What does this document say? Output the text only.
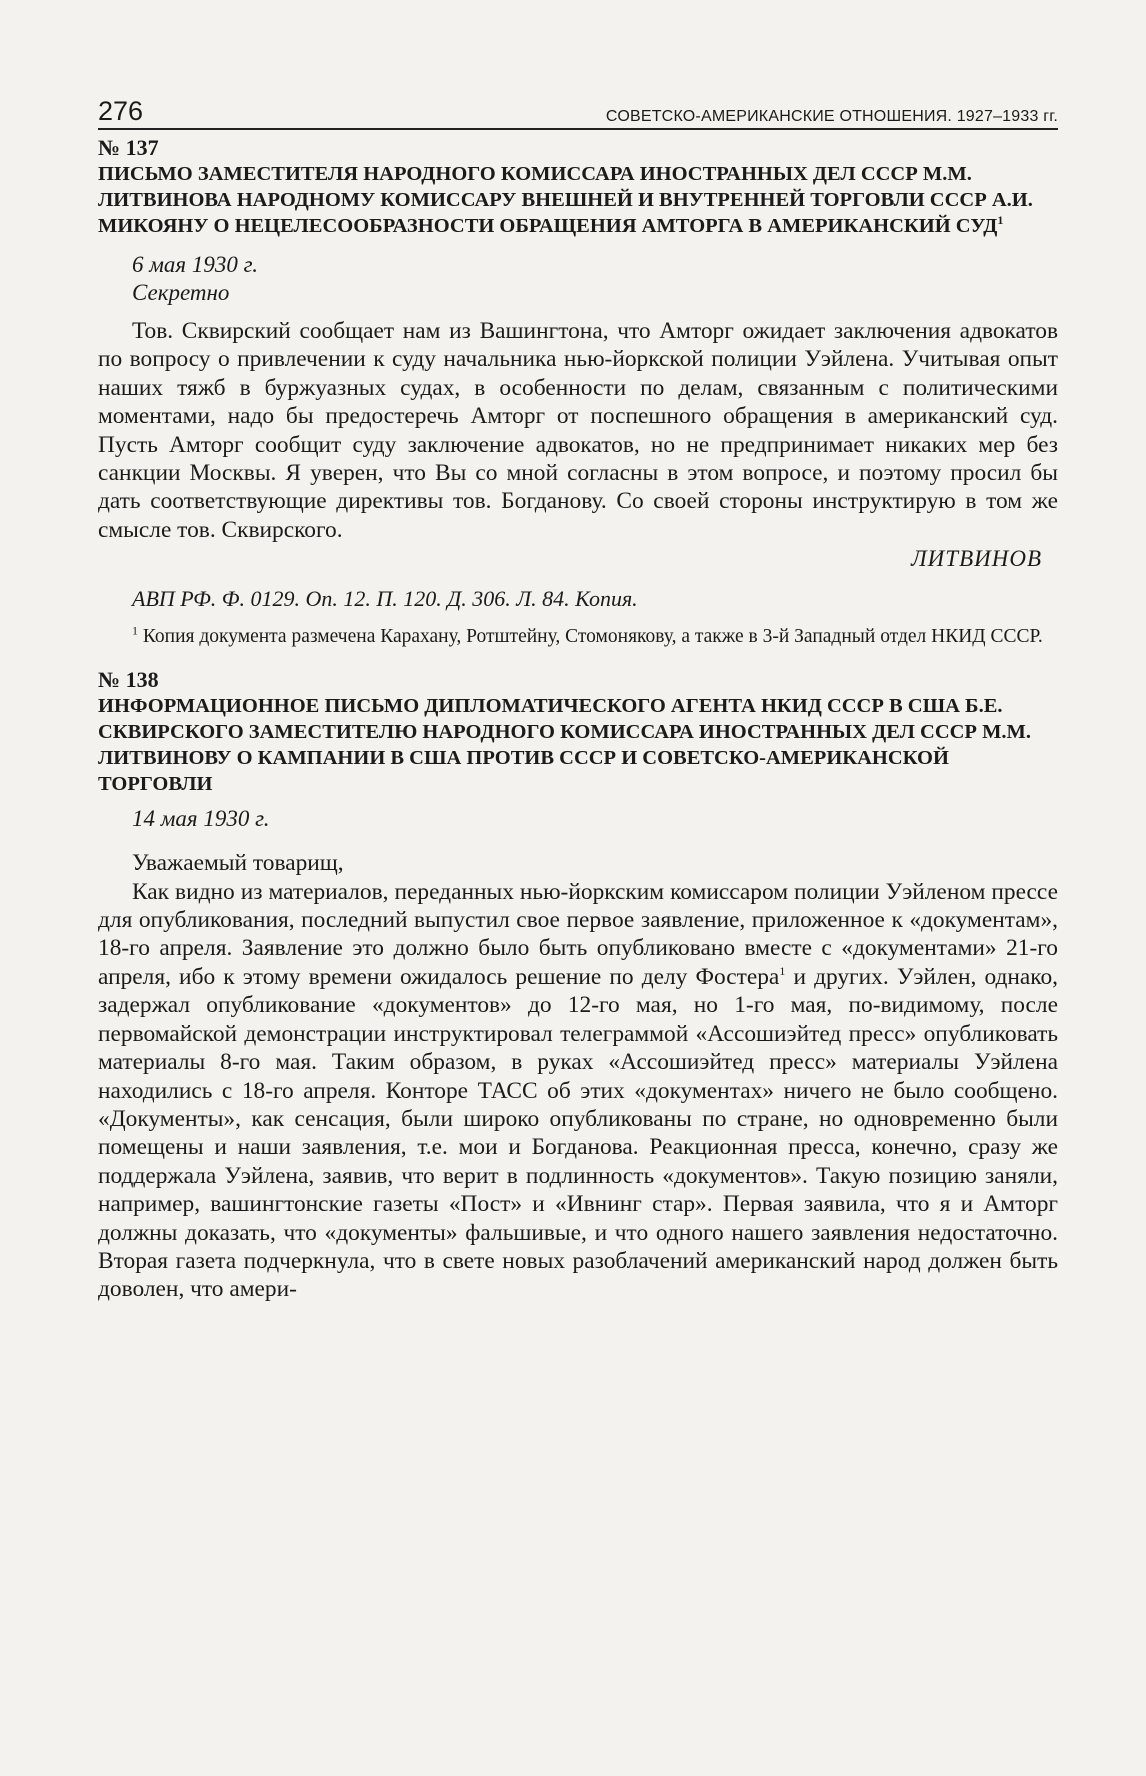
276	СОВЕТСКО-АМЕРИКАНСКИЕ ОТНОШЕНИЯ. 1927–1933 гг.
№ 137

ПИСЬМО ЗАМЕСТИТЕЛЯ НАРОДНОГО КОМИССАРА ИНОСТРАННЫХ ДЕЛ СССР М.М. ЛИТВИНОВА НАРОДНОМУ КОМИССАРУ ВНЕШНЕЙ И ВНУТРЕННЕЙ ТОРГОВЛИ СССР А.И. МИКОЯНУ О НЕЦЕЛЕСООБРАЗНОСТИ ОБРАЩЕНИЯ АМТОРГА В АМЕРИКАНСКИЙ СУД$^1$

6 мая 1930 г.
Секретно

Тов. Сквирский сообщает нам из Вашингтона, что Амторг ожидает заключения адвокатов по вопросу о привлечении к суду начальника нью-йоркской полиции Уэйлена. Учитывая опыт наших тяжб в буржуазных судах, в особенности по делам, связанным с политическими моментами, надо бы предостеречь Амторг от поспешного обращения в американский суд. Пусть Амторг сообщит суду заключение адвокатов, но не предпринимает никаких мер без санкции Москвы. Я уверен, что Вы со мной согласны в этом вопросе, и поэтому просил бы дать соответствующие директивы тов. Богданову. Со своей стороны инструктирую в том же смысле тов. Сквирского.

ЛИТВИНОВ
АВП РФ. Ф. 0129. Оп. 12. П. 120. Д. 306. Л. 84. Копия.

$^1$ Копия документа размечена Карахану, Ротштейну, Стомонякову, а также в 3-й Западный отдел НКИД СССР.

№ 138

ИНФОРМАЦИОННОЕ ПИСЬМО ДИПЛОМАТИЧЕСКОГО АГЕНТА НКИД СССР В США Б.Е. СКВИРСКОГО ЗАМЕСТИТЕЛЮ НАРОДНОГО КОМИССАРА ИНОСТРАННЫХ ДЕЛ СССР М.М. ЛИТВИНОВУ О КАМПАНИИ В США ПРОТИВ СССР И СОВЕТСКО-АМЕРИКАНСКОЙ ТОРГОВЛИ

14 мая 1930 г.
Уважаемый товарищ,

Как видно из материалов, переданных нью-йоркским комиссаром полиции Уэйленом прессе для опубликования, последний выпустил свое первое заявление, приложенное к «документам», 18-го апреля. Заявление это должно было быть опубликовано вместе с «документами» 21-го апреля, ибо к этому времени ожидалось решение по делу Фостера$^1$ и других. Уэйлен, однако, задержал опубликование «документов» до 12-го мая, но 1-го мая, по-видимому, после первомайской демонстрации инструктировал телеграммой «Ассошиэйтед пресс» опубликовать материалы 8-го мая. Таким образом, в руках «Ассошиэйтед пресс» материалы Уэйлена находились с 18-го апреля. Конторе ТАСС об этих «документах» ничего не было сообщено. «Документы», как сенсация, были широко опубликованы по стране, но одновременно были помещены и наши заявления, т.е. мои и Богданова. Реакционная пресса, конечно, сразу же поддержала Уэйлена, заявив, что верит в подлинность «документов». Такую позицию заняли, например, вашингтонские газеты «Пост» и «Ивнинг стар». Первая заявила, что я и Амторг должны доказать, что «документы» фальшивые, и что одного нашего заявления недостаточно. Вторая газета подчеркнула, что в свете новых разоблачений американский народ должен быть доволен, что амери-
